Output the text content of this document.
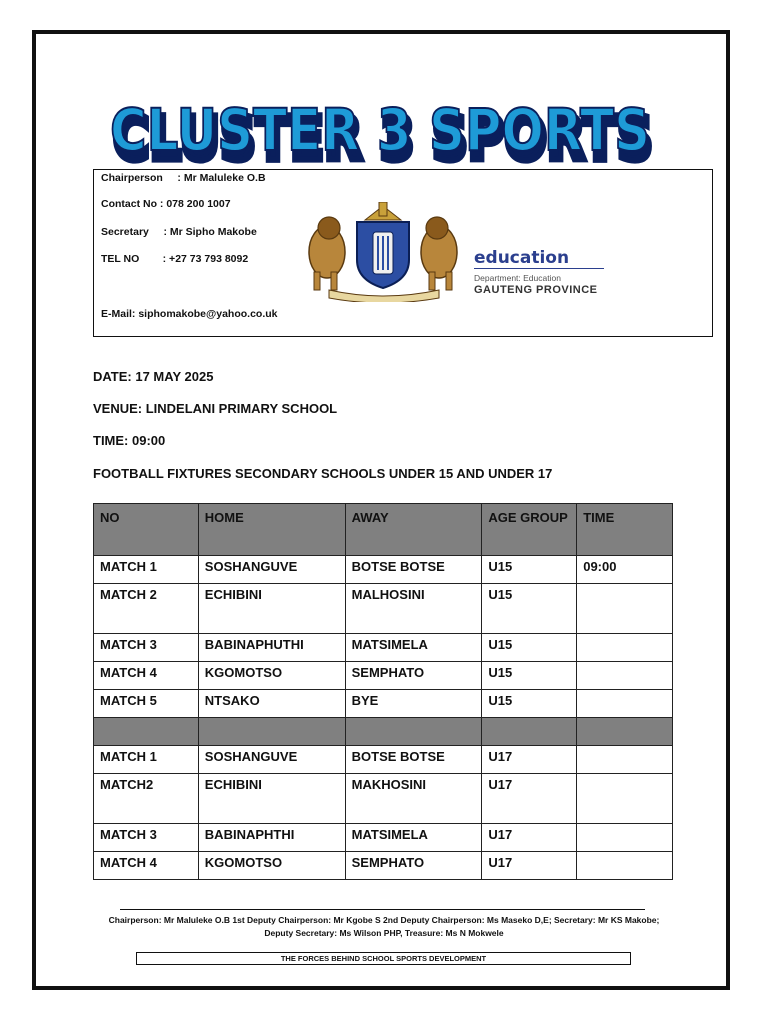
CLUSTER 3 SPORTS
CLUSTER 3 SPORTS
Chairperson     : Mr Maluleke O.B
Contact No : 078 200 1007
Secretary     : Mr Sipho Makobe
TEL NO        : +27 73 793 8092
E-Mail: siphomakobe@yahoo.co.uk
education
Department: Education
GAUTENG PROVINCE
DATE: 17 MAY 2025
VENUE: LINDELANI PRIMARY SCHOOL
TIME: 09:00
FOOTBALL FIXTURES SECONDARY SCHOOLS UNDER 15 AND UNDER 17
NO	HOME	AWAY	AGE GROUP	TIME
MATCH 1	SOSHANGUVE	BOTSE BOTSE	U15	09:00
MATCH 2	ECHIBINI	MALHOSINI	U15	
MATCH 3	BABINAPHUTHI	MATSIMELA	U15	
MATCH 4	KGOMOTSO	SEMPHATO	U15	
MATCH 5	NTSAKO	BYE	U15	

MATCH 1	SOSHANGUVE	BOTSE BOTSE	U17	
MATCH2	ECHIBINI	MAKHOSINI	U17	
MATCH 3	BABINAPHTHI	MATSIMELA	U17	
MATCH 4	KGOMOTSO	SEMPHATO	U17	
Chairperson: Mr Maluleke O.B 1st Deputy Chairperson: Mr Kgobe S 2nd Deputy Chairperson: Ms Maseko D,E; Secretary: Mr KS Makobe;
Deputy Secretary: Ms Wilson PHP, Treasure: Ms N Mokwele
THE FORCES BEHIND SCHOOL SPORTS DEVELOPMENT
